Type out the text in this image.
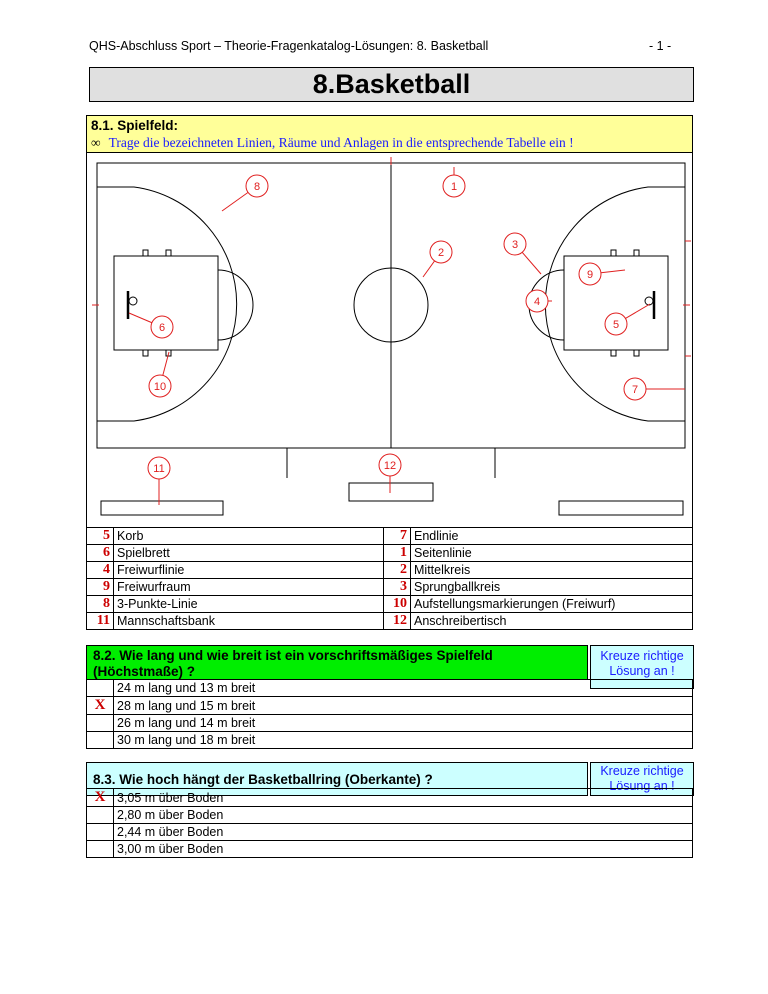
QHS-Abschluss Sport – Theorie-Fragenkatalog-Lösungen: 8. Basketball	- 1 -
8.Basketball
8.1. Spielfeld:
∞ Trage die bezeichneten Linien, Räume und Anlagen in die entsprechende Tabelle ein !
1
2
3
4
5
6
7
8
9
10
11	12
5	Korb	7	Endlinie
6	Spielbrett	1	Seitenlinie
4	Freiwurflinie	2	Mittelkreis
9	Freiwurfraum	3	Sprungballkreis
8	3-Punkte-Linie	10	Aufstellungsmarkierungen (Freiwurf)
11	Mannschaftsbank	12	Anschreibertisch
8.2. Wie lang und wie breit ist ein vorschriftsmäßiges Spielfeld (Höchstmaße) ?
Kreuze richtige Lösung an !
	24 m lang und 13 m breit
X	28 m lang und 15 m breit
	26 m lang und 14 m breit
	30 m lang und 18 m breit
8.3. Wie hoch hängt der Basketballring (Oberkante) ?
Kreuze richtige Lösung an !
X	3,05 m über Boden
	2,80 m über Boden
	2,44 m über Boden
	3,00 m über Boden
